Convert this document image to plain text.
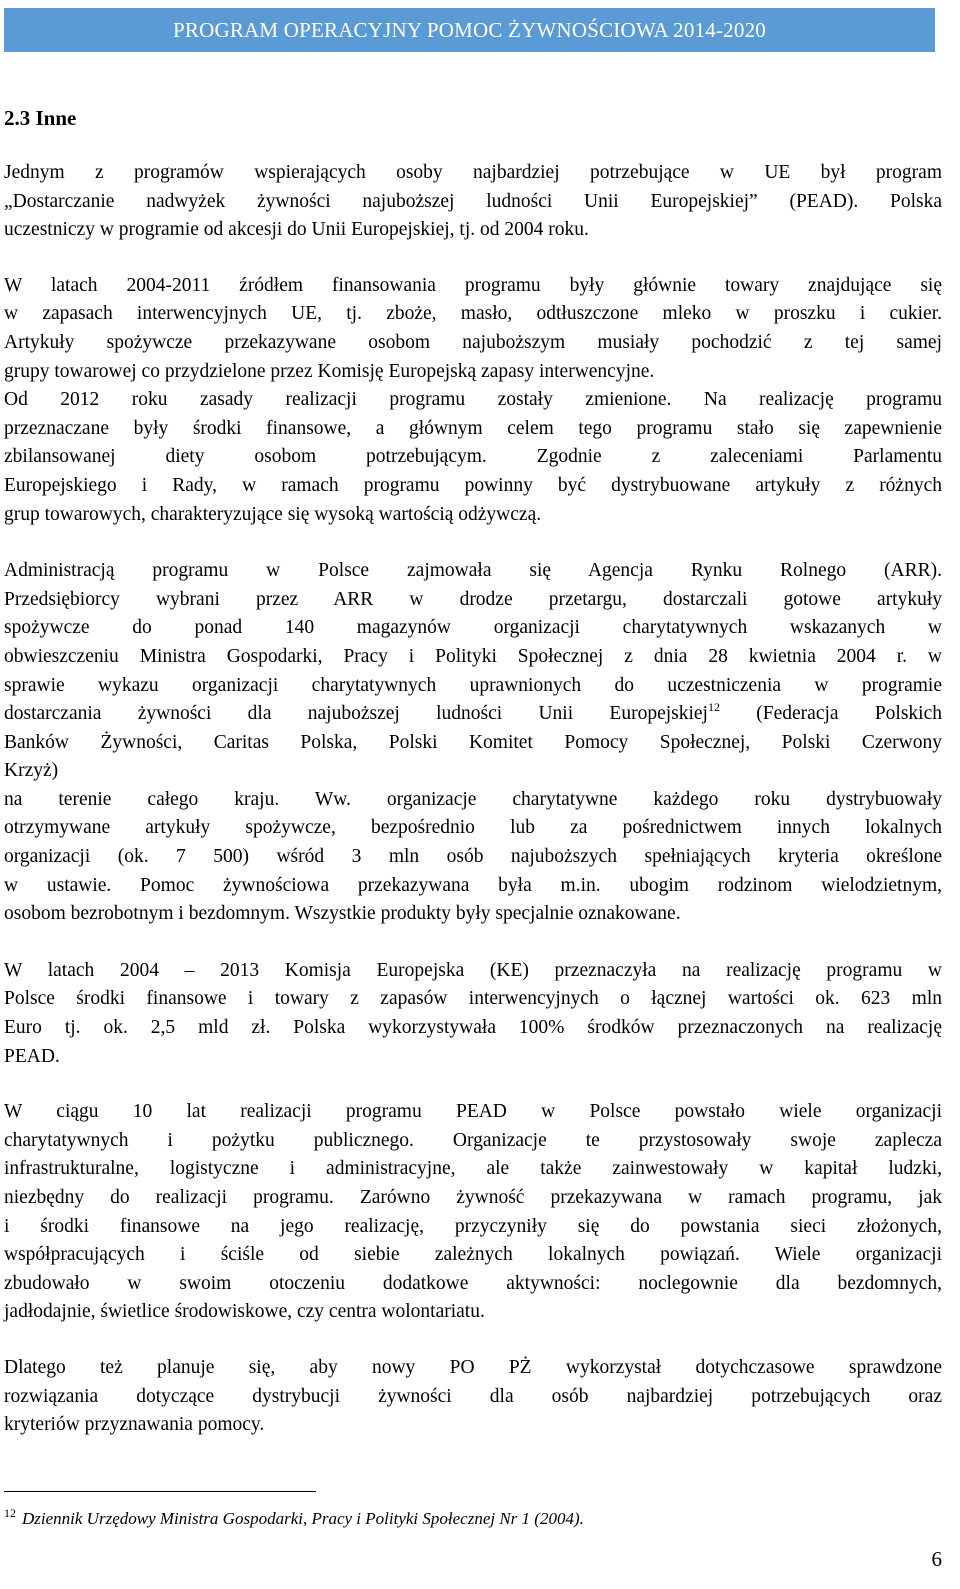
PROGRAM OPERACYJNY POMOC ŻYWNOŚCIOWA 2014-2020
2.3 Inne

Jednym z programów wspierających osoby najbardziej potrzebujące w UE był program
„Dostarczanie nadwyżek żywności najuboższej ludności Unii Europejskiej” (PEAD). Polska
uczestniczy w programie od akcesji do Unii Europejskiej, tj. od 2004 roku.

W latach 2004-2011 źródłem finansowania programu były głównie towary znajdujące się
w zapasach interwencyjnych UE, tj. zboże, masło, odtłuszczone mleko w proszku i cukier.
Artykuły spożywcze przekazywane osobom najuboższym musiały pochodzić z tej samej
grupy towarowej co przydzielone przez Komisję Europejską zapasy interwencyjne.
Od 2012 roku zasady realizacji programu zostały zmienione. Na realizację programu
przeznaczane były środki finansowe, a głównym celem tego programu stało się zapewnienie
zbilansowanej diety osobom potrzebującym. Zgodnie z zaleceniami Parlamentu
Europejskiego i Rady, w ramach programu powinny być dystrybuowane artykuły z różnych
grup towarowych, charakteryzujące się wysoką wartością odżywczą.

Administracją programu w Polsce zajmowała się Agencja Rynku Rolnego (ARR).
Przedsiębiorcy wybrani przez ARR w drodze przetargu, dostarczali gotowe artykuły
spożywcze do ponad 140 magazynów organizacji charytatywnych wskazanych w
obwieszczeniu Ministra Gospodarki, Pracy i Polityki Społecznej z dnia 28 kwietnia 2004 r. w
sprawie wykazu organizacji charytatywnych uprawnionych do uczestniczenia w programie
dostarczania żywności dla najuboższej ludności Unii Europejskiej$^{12}$ (Federacja Polskich
Banków Żywności, Caritas Polska, Polski Komitet Pomocy Społecznej, Polski Czerwony
Krzyż)
na terenie całego kraju. Ww. organizacje charytatywne każdego roku dystrybuowały
otrzymywane artykuły spożywcze, bezpośrednio lub za pośrednictwem innych lokalnych
organizacji (ok. 7 500) wśród 3 mln osób najuboższych spełniających kryteria określone
w ustawie. Pomoc żywnościowa przekazywana była m.in. ubogim rodzinom wielodzietnym,
osobom bezrobotnym i bezdomnym. Wszystkie produkty były specjalnie oznakowane.

W latach 2004 – 2013 Komisja Europejska (KE) przeznaczyła na realizację programu w
Polsce środki finansowe i towary z zapasów interwencyjnych o łącznej wartości ok. 623 mln
Euro tj. ok. 2,5 mld zł. Polska wykorzystywała 100% środków przeznaczonych na realizację
PEAD.

W ciągu 10 lat realizacji programu PEAD w Polsce powstało wiele organizacji
charytatywnych i pożytku publicznego. Organizacje te przystosowały swoje zaplecza
infrastrukturalne, logistyczne i administracyjne, ale także zainwestowały w kapitał ludzki,
niezbędny do realizacji programu. Zarówno żywność przekazywana w ramach programu, jak
i środki finansowe na jego realizację, przyczyniły się do powstania sieci złożonych,
współpracujących i ściśle od siebie zależnych lokalnych powiązań. Wiele organizacji
zbudowało w swoim otoczeniu dodatkowe aktywności: noclegownie dla bezdomnych,
jadłodajnie, świetlice środowiskowe, czy centra wolontariatu.

Dlatego też planuje się, aby nowy PO PŻ wykorzystał dotychczasowe sprawdzone
rozwiązania dotyczące dystrybucji żywności dla osób najbardziej potrzebujących oraz
kryteriów przyznawania pomocy.

$^{12}$ Dziennik Urzędowy Ministra Gospodarki, Pracy i Polityki Społecznej Nr 1 (2004).
6
